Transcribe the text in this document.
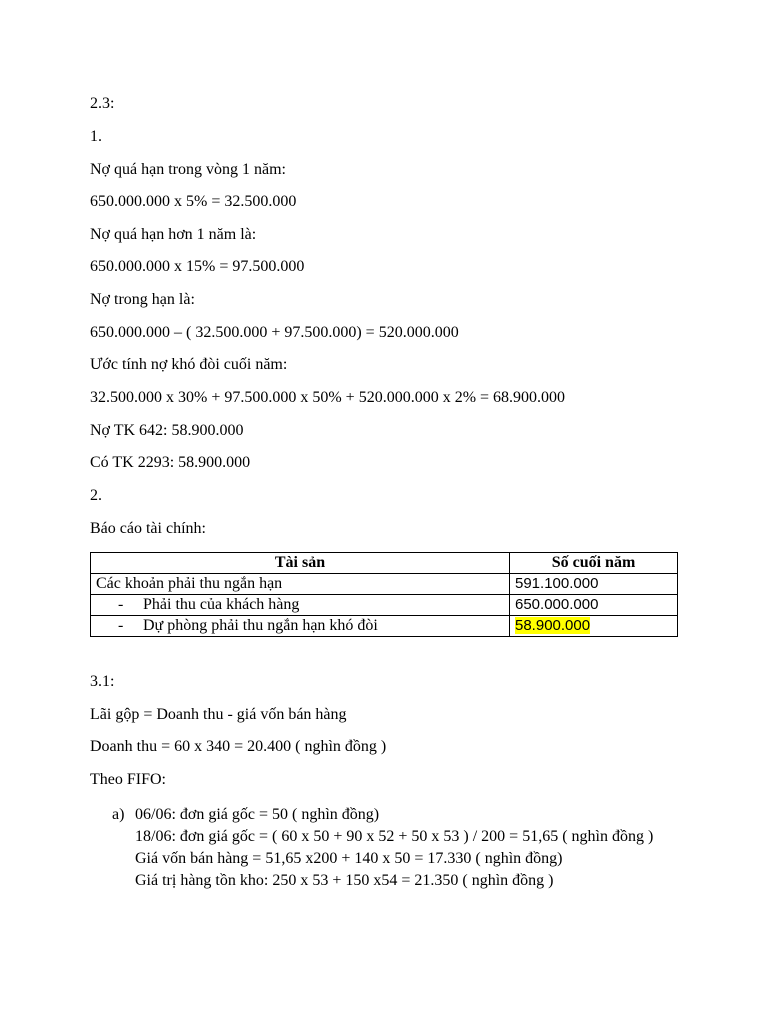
2.3:
1.
Nợ quá hạn trong vòng 1 năm:
650.000.000 x 5% = 32.500.000
Nợ quá hạn hơn 1 năm là:
650.000.000 x 15% = 97.500.000
Nợ trong hạn là:
650.000.000 – ( 32.500.000 + 97.500.000) = 520.000.000
Ước tính nợ khó đòi cuối năm:
32.500.000 x 30% + 97.500.000 x 50% + 520.000.000 x 2% = 68.900.000
Nợ TK 642: 58.900.000
Có TK 2293: 58.900.000
2.
Báo cáo tài chính:
Tài sản	Số cuối năm
Các khoản phải thu ngắn hạn	591.100.000
- Phải thu của khách hàng	650.000.000
- Dự phòng phải thu ngắn hạn khó đòi	58.900.000
3.1:
Lãi gộp = Doanh thu - giá vốn bán hàng
Doanh thu = 60 x 340 = 20.400 ( nghìn đồng )
Theo FIFO:
a) 06/06: đơn giá gốc = 50 ( nghìn đồng)
18/06: đơn giá gốc = ( 60 x 50 + 90 x 52 + 50 x 53 ) / 200 = 51,65 ( nghìn đồng )
Giá vốn bán hàng = 51,65 x200 + 140 x 50 = 17.330 ( nghìn đồng)
Giá trị hàng tồn kho: 250 x 53 + 150 x54 = 21.350 ( nghìn đồng )
